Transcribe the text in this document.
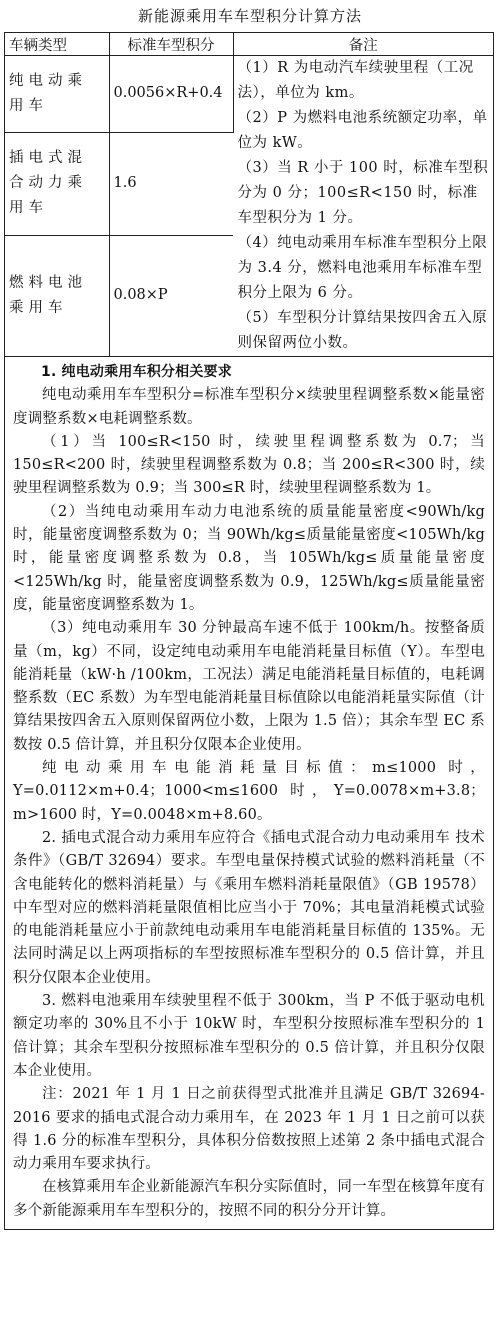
新能源乘用车车型积分计算方法
车辆类型	标准车型积分	备注
纯电动乘用车	0.0056×R+0.4	（1）R 为电动汽车续驶里程（工况法），单位为 km。

（2）P 为燃料电池系统额定功率，单位为 kW。

（3）当 R 小于 100 时，标准车型积分为 0 分；100≤R<150 时，标准车型积分为 1 分。

（4）纯电动乘用车标准车型积分上限为 3.4 分，燃料电池乘用车标准车型积分上限为 6 分。

（5）车型积分计算结果按四舍五入原则保留两位小数。

插电式混合动力乘用车	1.6	
燃料电池乘用车	0.08×P	

1. 纯电动乘用车积分相关要求

纯电动乘用车车型积分=标准车型积分×续驶里程调整系数×能量密度调整系数×电耗调整系数。

（1）当 100≤R<150 时，续驶里程调整系数为 0.7；当 150≤R<200 时，续驶里程调整系数为 0.8；当 200≤R<300 时，续驶里程调整系数为 0.9；当 300≤R 时，续驶里程调整系数为 1。

（2）当纯电动乘用车动力电池系统的质量能量密度<90Wh/kg 时，能量密度调整系数为 0；当 90Wh/kg≤质量能量密度<105Wh/kg 时，能量密度调整系数为 0.8，当 105Wh/kg≤质量能量密度<125Wh/kg 时，能量密度调整系数为 0.9，125Wh/kg≤质量能量密度，能量密度调整系数为 1。

（3）纯电动乘用车 30 分钟最高车速不低于 100km/h。按整备质量（m，kg）不同，设定纯电动乘用车电能消耗量目标值（Y）。车型电能消耗量（kW·h /100km，工况法）满足电能消耗量目标值的，电耗调整系数（EC 系数）为车型电能消耗量目标值除以电能消耗量实际值（计算结果按四舍五入原则保留两位小数，上限为 1.5 倍）；其余车型 EC 系数按 0.5 倍计算，并且积分仅限本企业使用。

纯电动乘用车电能消耗量目标值：m≤1000 时，Y=0.0112×m+0.4；1000<m≤1600 时，Y=0.0078×m+3.8；m>1600 时，Y=0.0048×m+8.60。

2. 插电式混合动力乘用车应符合《插电式混合动力电动乘用车 技术条件》（GB/T 32694）要求。车型电量保持模式试验的燃料消耗量（不含电能转化的燃料消耗量）与《乘用车燃料消耗量限值》（GB 19578）中车型对应的燃料消耗量限值相比应当小于 70%；其电量消耗模式试验的电能消耗量应小于前款纯电动乘用车电能消耗量目标值的 135%。无法同时满足以上两项指标的车型按照标准车型积分的 0.5 倍计算，并且积分仅限本企业使用。

3. 燃料电池乘用车续驶里程不低于 300km，当 P 不低于驱动电机额定功率的 30%且不小于 10kW 时，车型积分按照标准车型积分的 1 倍计算；其余车型积分按照标准车型积分的 0.5 倍计算，并且积分仅限本企业使用。

注：2021 年 1 月 1 日之前获得型式批准并且满足 GB/T 32694-2016 要求的插电式混合动力乘用车，在 2023 年 1 月 1 日之前可以获得 1.6 分的标准车型积分，具体积分倍数按照上述第 2 条中插电式混合动力乘用车要求执行。

在核算乘用车企业新能源汽车积分实际值时，同一车型在核算年度有多个新能源乘用车车型积分的，按照不同的积分分开计算。
